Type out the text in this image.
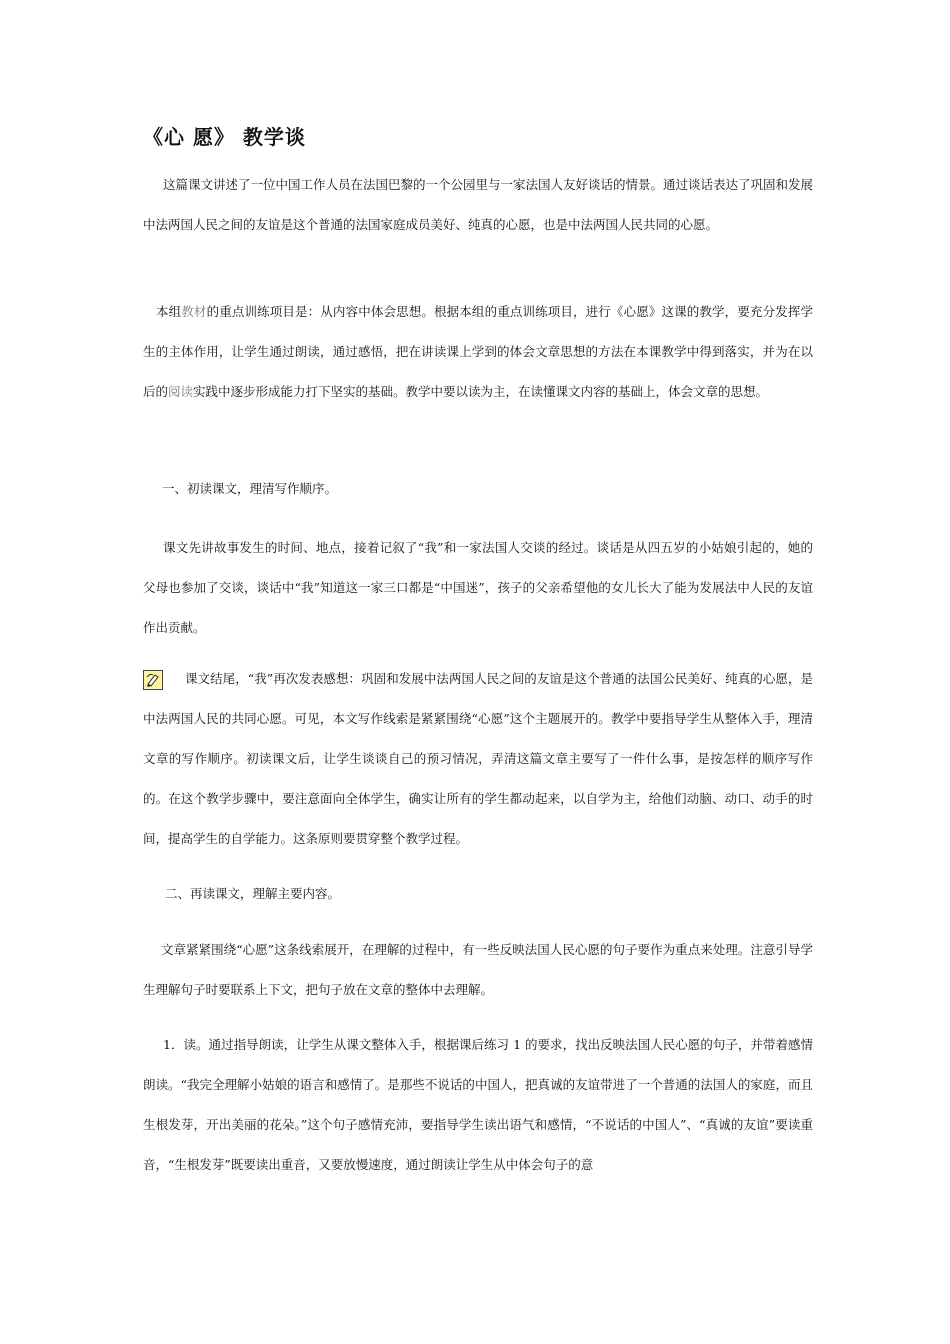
《心 愿》 教学谈

这篇课文讲述了一位中国工作人员在法国巴黎的一个公园里与一家法国人友好谈话的情景。通过谈话表达了巩固和发展中法两国人民之间的友谊是这个普通的法国家庭成员美好、纯真的心愿，也是中法两国人民共同的心愿。

本组教材的重点训练项目是：从内容中体会思想。根据本组的重点训练项目，进行《心愿》这课的教学，要充分发挥学生的主体作用，让学生通过朗读，通过感悟，把在讲读课上学到的体会文章思想的方法在本课教学中得到落实，并为在以后的阅读实践中逐步形成能力打下坚实的基础。教学中要以读为主，在读懂课文内容的基础上，体会文章的思想。

一、初读课文，理清写作顺序。

课文先讲故事发生的时间、地点，接着记叙了“我”和一家法国人交谈的经过。谈话是从四五岁的小姑娘引起的，她的父母也参加了交谈，谈话中“我”知道这一家三口都是“中国迷”，孩子的父亲希望他的女儿长大了能为发展法中人民的友谊作出贡献。

课文结尾，“我”再次发表感想：巩固和发展中法两国人民之间的友谊是这个普通的法国公民美好、纯真的心愿，是中法两国人民的共同心愿。可见，本文写作线索是紧紧围绕“心愿”这个主题展开的。教学中要指导学生从整体入手，理清文章的写作顺序。初读课文后，让学生谈谈自己的预习情况，弄清这篇文章主要写了一件什么事，是按怎样的顺序写作的。在这个教学步骤中，要注意面向全体学生，确实让所有的学生都动起来，以自学为主，给他们动脑、动口、动手的时间，提高学生的自学能力。这条原则要贯穿整个教学过程。

二、再读课文，理解主要内容。

文章紧紧围绕“心愿”这条线索展开，在理解的过程中，有一些反映法国人民心愿的句子要作为重点来处理。注意引导学生理解句子时要联系上下文，把句子放在文章的整体中去理解。

1．读。通过指导朗读，让学生从课文整体入手，根据课后练习 1 的要求，找出反映法国人民心愿的句子，并带着感情朗读。“我完全理解小姑娘的语言和感情了。是那些不说话的中国人，把真诚的友谊带进了一个普通的法国人的家庭，而且生根发芽，开出美丽的花朵。”这个句子感情充沛，要指导学生读出语气和感情，“不说话的中国人”、“真诚的友谊”要读重音，“生根发芽”既要读出重音，又要放慢速度，通过朗读让学生从中体会句子的意
